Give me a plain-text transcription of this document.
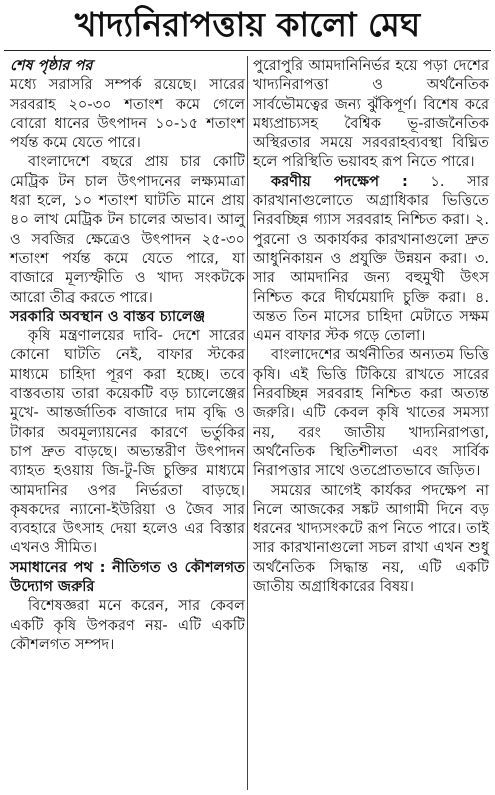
খাদ্যনিরাপত্তায় কালো মেঘ

শেষ পৃষ্ঠার পর

মধ্যে সরাসরি সম্পর্ক রয়েছে। সারের সরবরাহ ২০-৩০ শতাংশ কমে গেলে বোরো ধানের উৎপাদন ১০-১৫ শতাংশ পর্যন্ত কমে যেতে পারে।

বাংলাদেশে বছরে প্রায় চার কোটি মেট্রিক টন চাল উৎপাদনের লক্ষ্যমাত্রা ধরা হলে, ১০ শতাংশ ঘাটতি মানে প্রায় ৪০ লাখ মেট্রিক টন চালের অভাব। আলু ও সবজির ক্ষেত্রেও উৎপাদন ২৫-৩০ শতাংশ পর্যন্ত কমে যেতে পারে, যা বাজারে মূল্যস্ফীতি ও খাদ্য সংকটকে আরো তীব্র করতে পারে।

সরকারি অবস্থান ও বাস্তব চ্যালেঞ্জ

কৃষি মন্ত্রণালয়ের দাবি- দেশে সারের কোনো ঘাটতি নেই, বাফার স্টকের মাধ্যমে চাহিদা পূরণ করা হচ্ছে। তবে বাস্তবতায় তারা কয়েকটি বড় চ্যালেঞ্জের মুখে- আন্তর্জাতিক বাজারে দাম বৃদ্ধি ও টাকার অবমূল্যায়নের কারণে ভর্তুকির চাপ দ্রুত বাড়ছে। অভ্যন্তরীণ উৎপাদন ব্যাহত হওয়ায় জি-টু-জি চুক্তির মাধ্যমে আমদানির ওপর নির্ভরতা বাড়ছে। কৃষকদের ন্যানো-ইউরিয়া ও জৈব সার ব্যবহারে উৎসাহ দেয়া হলেও এর বিস্তার এখনও সীমিত।

সমাধানের পথ : নীতিগত ও কৌশলগত উদ্যোগ জরুরি

বিশেষজ্ঞরা মনে করেন, সার কেবল একটি কৃষি উপকরণ নয়- এটি একটি কৌশলগত সম্পদ।

পুরোপুরি আমদানিনির্ভর হয়ে পড়া দেশের খাদ্যনিরাপত্তা ও অর্থনৈতিক সার্বভৌমত্বের জন্য ঝুঁকিপূর্ণ। বিশেষ করে মধ্যপ্রাচ্যসহ বৈশ্বিক ভূ-রাজনৈতিক অস্থিরতার সময়ে সরবরাহব্যবস্থা বিঘ্নিত হলে পরিস্থিতি ভয়াবহ রূপ নিতে পারে।

করণীয় পদক্ষেপ : ১. সার কারখানাগুলোতে অগ্রাধিকার ভিত্তিতে নিরবচ্ছিন্ন গ্যাস সরবরাহ নিশ্চিত করা। ২. পুরনো ও অকার্যকর কারখানাগুলো দ্রুত আধুনিকায়ন ও প্রযুক্তি উন্নয়ন করা। ৩. সার আমদানির জন্য বহুমুখী উৎস নিশ্চিত করে দীর্ঘমেয়াদি চুক্তি করা। ৪. অন্তত তিন মাসের চাহিদা মেটাতে সক্ষম এমন বাফার স্টক গড়ে তোলা।

বাংলাদেশের অর্থনীতির অন্যতম ভিত্তি কৃষি। এই ভিত্তি টিকিয়ে রাখতে সারের নিরবচ্ছিন্ন সরবরাহ নিশ্চিত করা অত্যন্ত জরুরি। এটি কেবল কৃষি খাতের সমস্যা নয়, বরং জাতীয় খাদ্যনিরাপত্তা, অর্থনৈতিক স্থিতিশীলতা এবং সার্বিক নিরাপত্তার সাথে ওতপ্রোতভাবে জড়িত।

সময়ের আগেই কার্যকর পদক্ষেপ না নিলে আজকের সঙ্কট আগামী দিনে বড় ধরনের খাদ্যসংকটে রূপ নিতে পারে। তাই সার কারখানাগুলো সচল রাখা এখন শুধু অর্থনৈতিক সিদ্ধান্ত নয়, এটি একটি জাতীয় অগ্রাধিকারের বিষয়।
